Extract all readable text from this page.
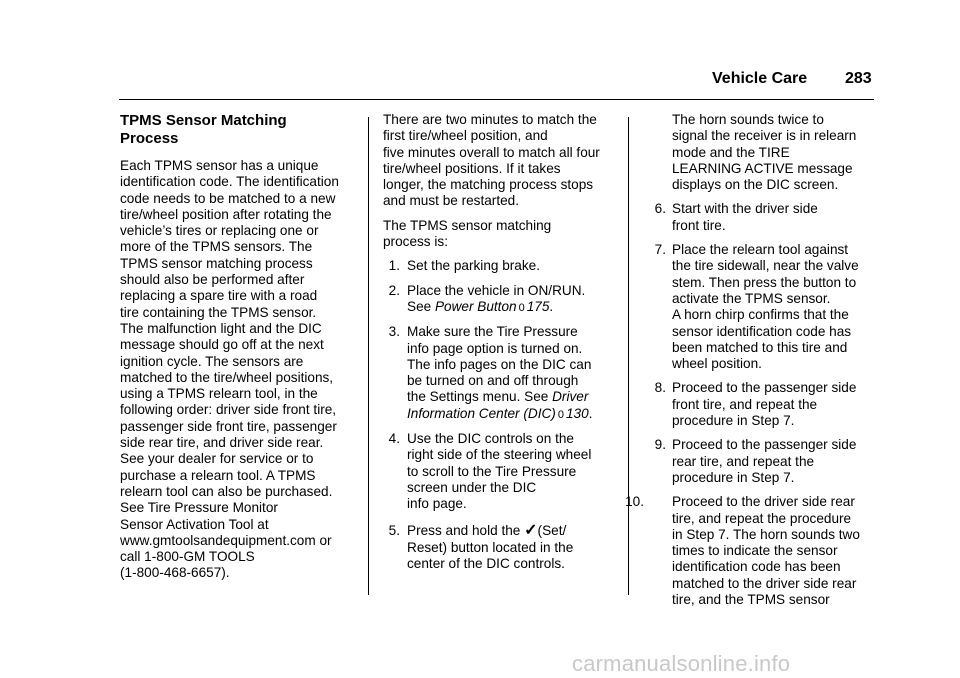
Vehicle Care 283
TPMS Sensor Matching
Process

Each TPMS sensor has a unique
identification code. The identification
code needs to be matched to a new
tire/wheel position after rotating the
vehicle’s tires or replacing one or
more of the TPMS sensors. The
TPMS sensor matching process
should also be performed after
replacing a spare tire with a road
tire containing the TPMS sensor.
The malfunction light and the DIC
message should go off at the next
ignition cycle. The sensors are
matched to the tire/wheel positions,
using a TPMS relearn tool, in the
following order: driver side front tire,
passenger side front tire, passenger
side rear tire, and driver side rear.
See your dealer for service or to
purchase a relearn tool. A TPMS
relearn tool can also be purchased.
See Tire Pressure Monitor
Sensor Activation Tool at
www.gmtoolsandequipment.com or
call 1-800-GM TOOLS
(1-800-468-6657).

There are two minutes to match the
first tire/wheel position, and
five minutes overall to match all four
tire/wheel positions. If it takes
longer, the matching process stops
and must be restarted.

The TPMS sensor matching
process is:

1. Set the parking brake.
2. Place the vehicle in ON/RUN.
See Power Button 0 175.
3. Make sure the Tire Pressure
info page option is turned on.
The info pages on the DIC can
be turned on and off through
the Settings menu. See Driver
Information Center (DIC) 0 130.
4. Use the DIC controls on the
right side of the steering wheel
to scroll to the Tire Pressure
screen under the DIC
info page.
5. Press and hold the ✓(Set/
Reset) button located in the
center of the DIC controls.
The horn sounds twice to
signal the receiver is in relearn
mode and the TIRE
LEARNING ACTIVE message
displays on the DIC screen.
6. Start with the driver side
front tire.
7. Place the relearn tool against
the tire sidewall, near the valve
stem. Then press the button to
activate the TPMS sensor.
A horn chirp confirms that the
sensor identification code has
been matched to this tire and
wheel position.
8. Proceed to the passenger side
front tire, and repeat the
procedure in Step 7.
9. Proceed to the passenger side
rear tire, and repeat the
procedure in Step 7.
10. Proceed to the driver side rear
tire, and repeat the procedure
in Step 7. The horn sounds two
times to indicate the sensor
identification code has been
matched to the driver side rear
tire, and the TPMS sensor
carmanualsonline.info
